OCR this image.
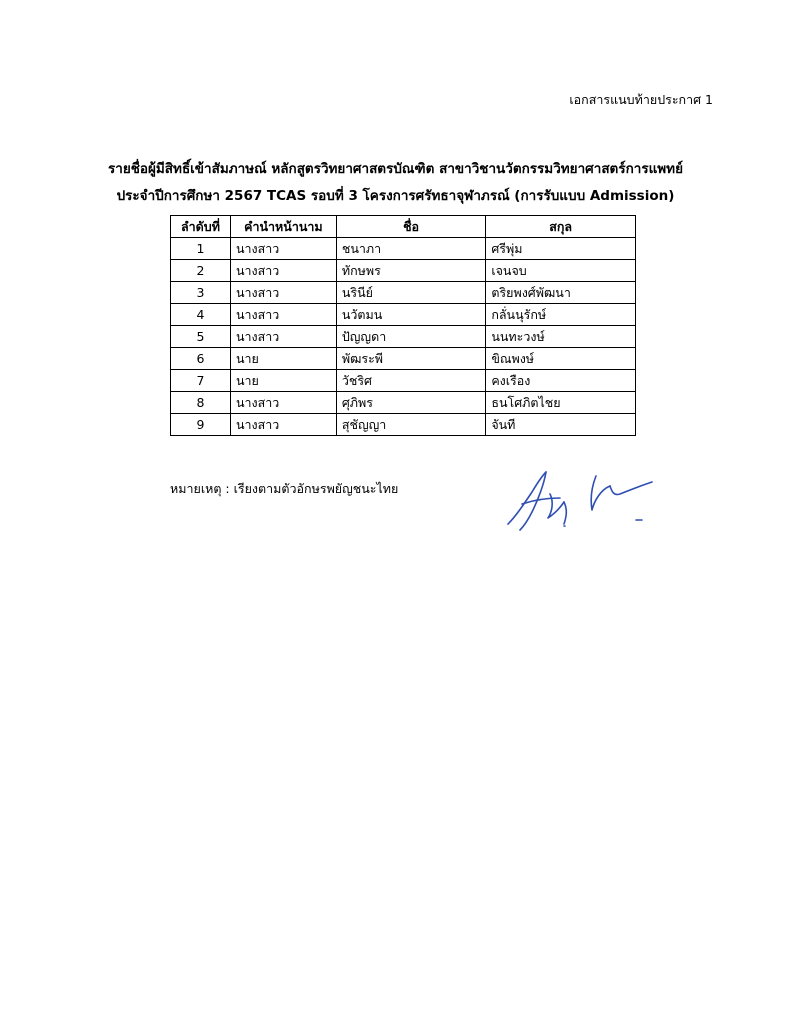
เอกสารแนบท้ายประกาศ 1
รายชื่อผู้มีสิทธิ์เข้าสัมภาษณ์ หลักสูตรวิทยาศาสตรบัณฑิต สาขาวิชานวัตกรรมวิทยาศาสตร์การแพทย์
ประจำปีการศึกษา 2567 TCAS รอบที่ 3 โครงการศรัทธาจุฬาภรณ์ (การรับแบบ Admission)
ลำดับที่	คำนำหน้านาม	ชื่อ	สกุล
1	นางสาว	ชนาภา	ศรีพุ่ม
2	นางสาว	ทักษพร	เจนจบ
3	นางสาว	นรินีย์	ตริยพงศ์พัฒนา
4	นางสาว	นวัตมน	กลั่นนุรักษ์
5	นางสาว	ปัญญดา	นนทะวงษ์
6	นาย	พัฒระพี	ขิณพงษ์
7	นาย	วัชริศ	คงเรือง
8	นางสาว	ศุภิพร	ธนโศภิตไชย
9	นางสาว	สุชัญญา	จันที
หมายเหตุ : เรียงตามตัวอักษรพยัญชนะไทย
